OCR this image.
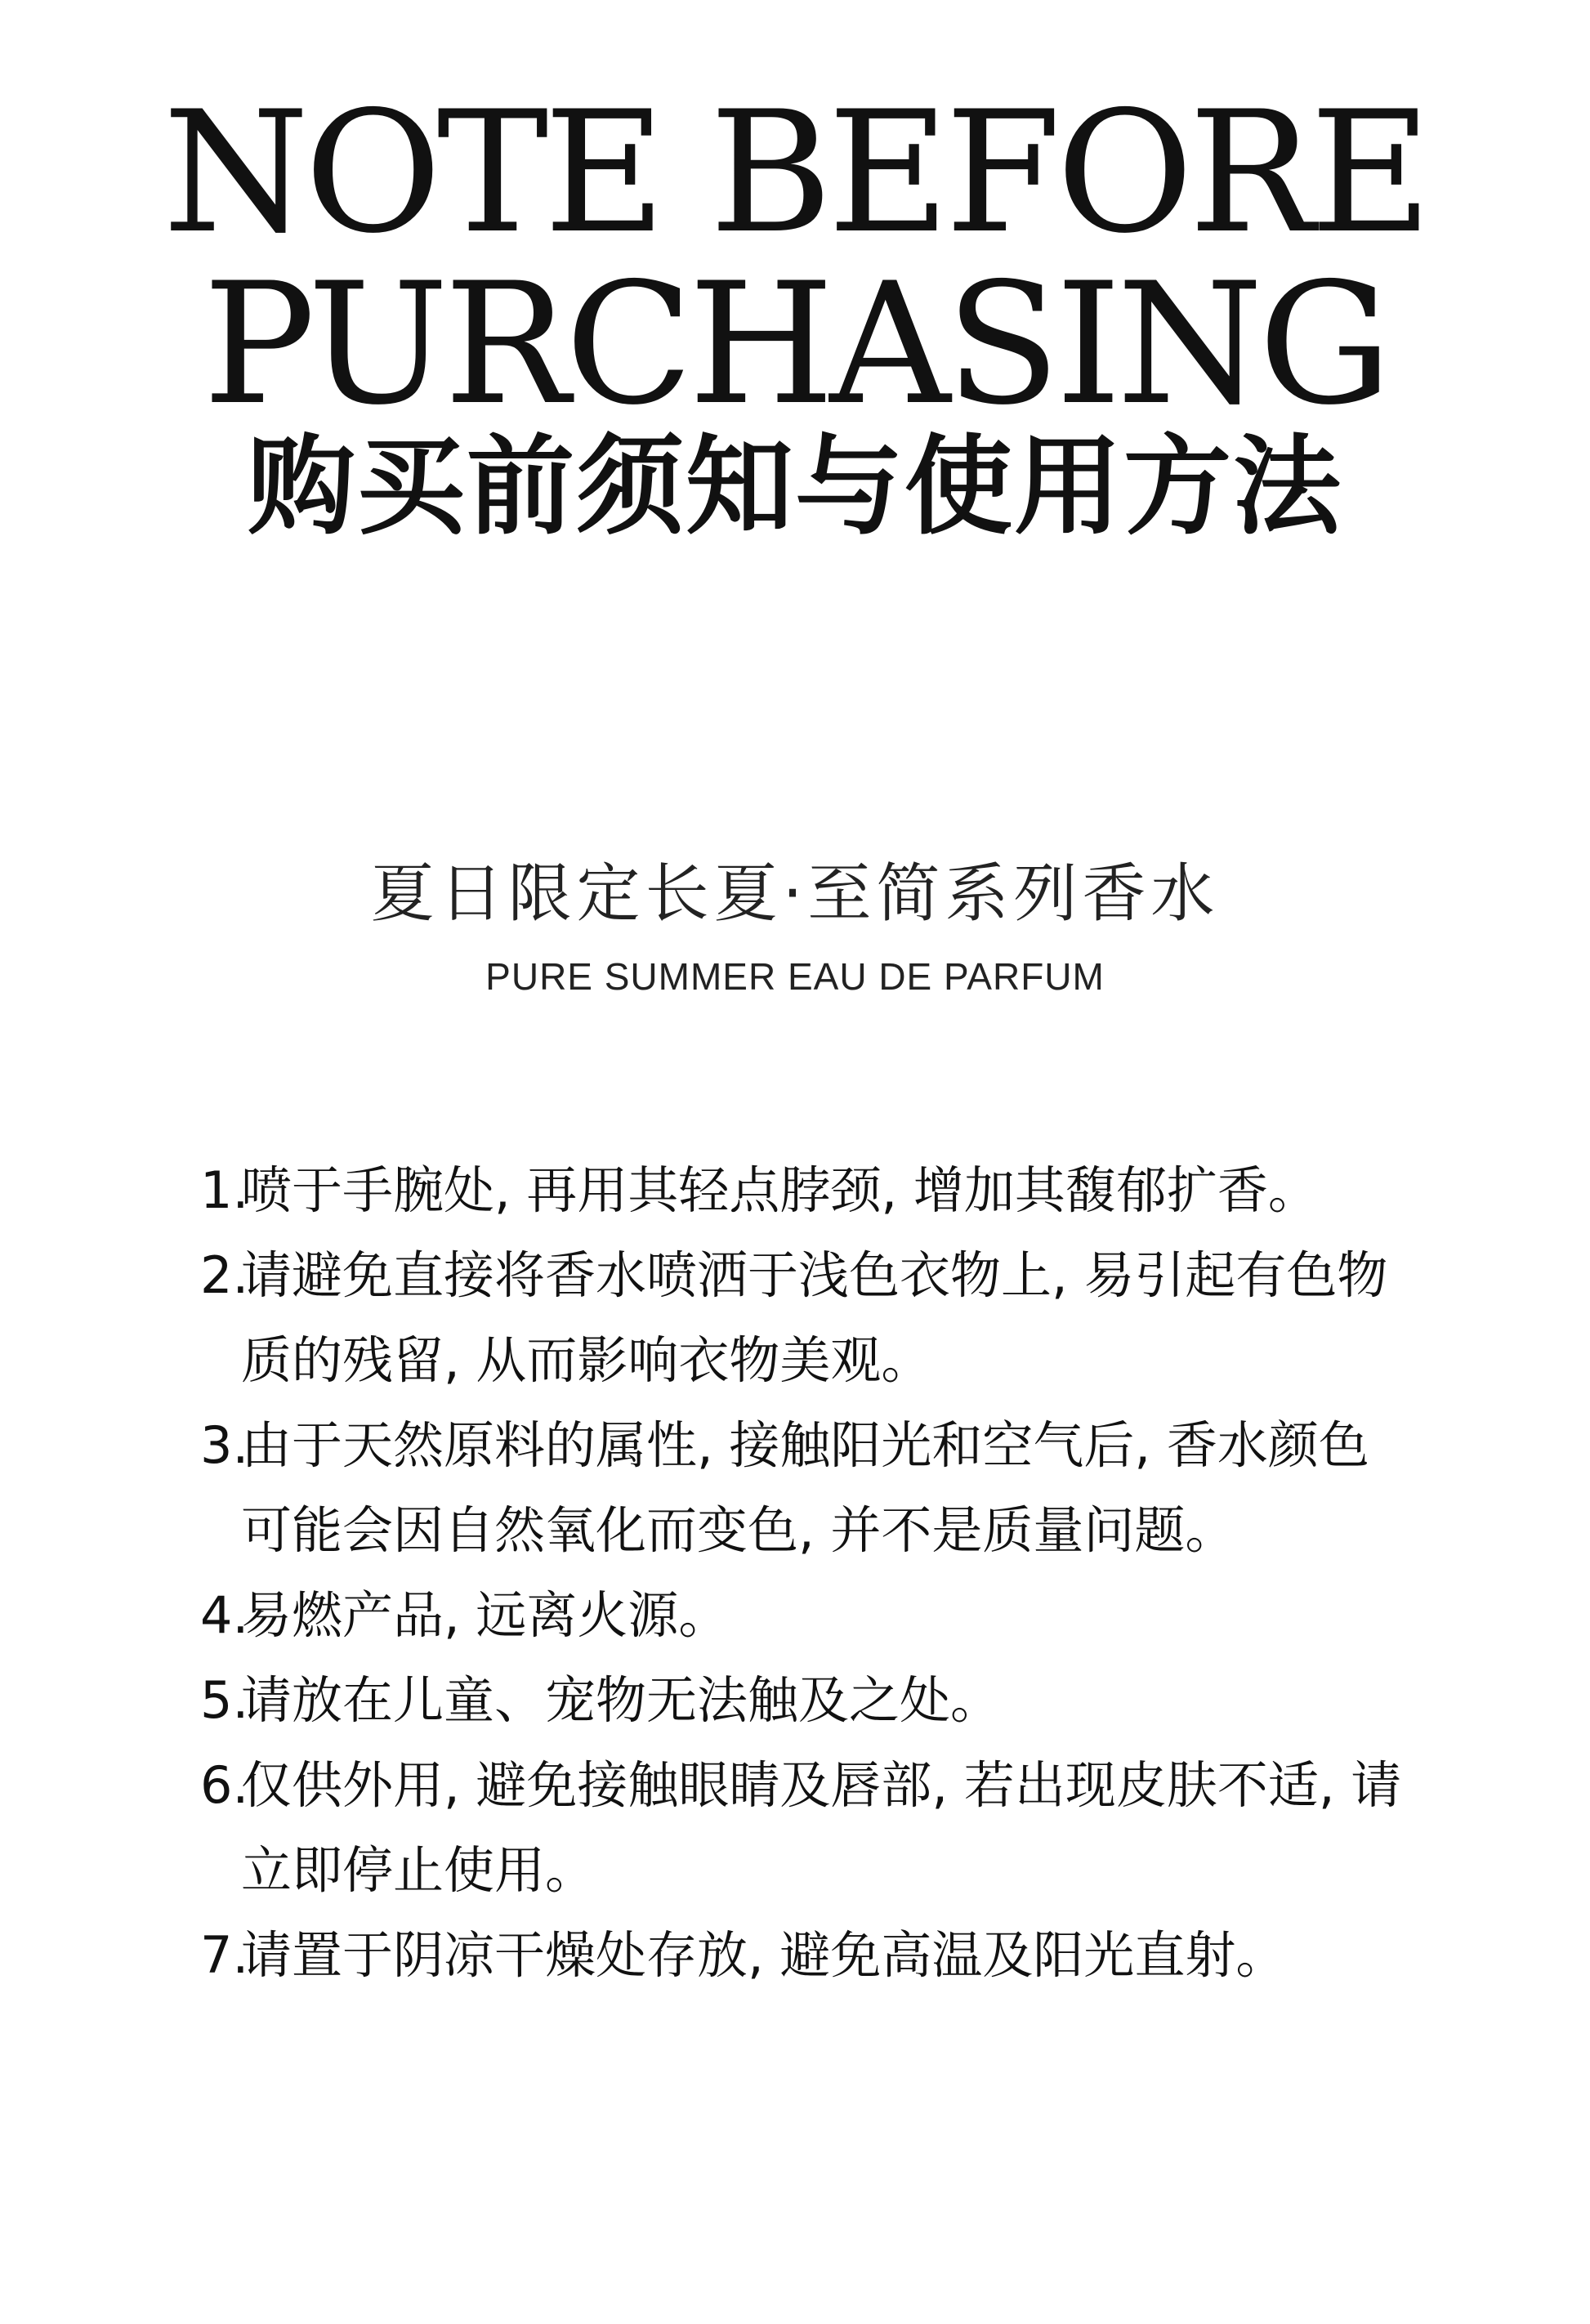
NOTE BEFORE
PURCHASING
购买前须知与使用方法
夏日限定长夏·至简系列香水
PURE SUMMER EAU DE PARFUM
1.
喷于手腕处, 再用其轻点脖颈, 增加其馥郁扩香。
2.
请避免直接将香水喷洒于浅色衣物上, 易引起有色物质的残留, 从而影响衣物美观。
3.
由于天然原料的属性, 接触阳光和空气后, 香水颜色可能会因自然氧化而变色, 并不是质量问题。
4.
易燃产品, 远离火源。
5.
请放在儿童、宠物无法触及之处。
6.
仅供外用, 避免接触眼睛及唇部, 若出现皮肤不适, 请立即停止使用。
7.
请置于阴凉干燥处存放, 避免高温及阳光直射。
